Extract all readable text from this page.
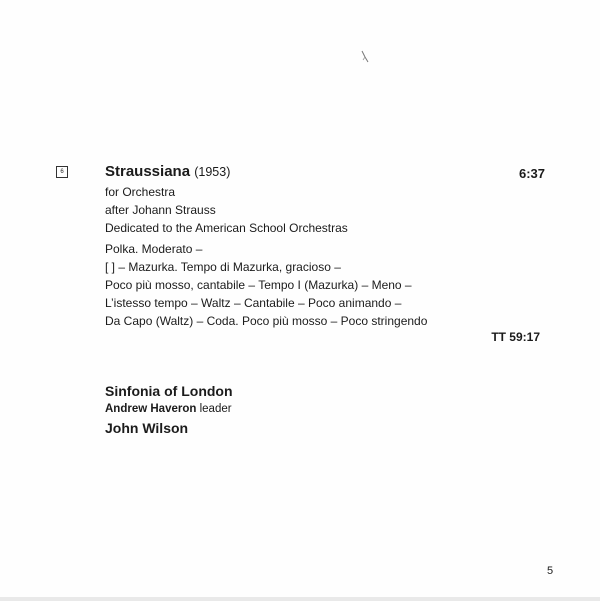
6	Straussiana (1953)	6:37
for Orchestra
after Johann Strauss
Dedicated to the American School Orchestras
Polka. Moderato –
[ ] – Mazurka. Tempo di Mazurka, gracioso –
Poco più mosso, cantabile – Tempo I (Mazurka) – Meno –
L’istesso tempo – Waltz – Cantabile – Poco animando –
Da Capo (Waltz) – Coda. Poco più mosso – Poco stringendo
TT 59:17
Sinfonia of London
Andrew Haveron leader
John Wilson
5
